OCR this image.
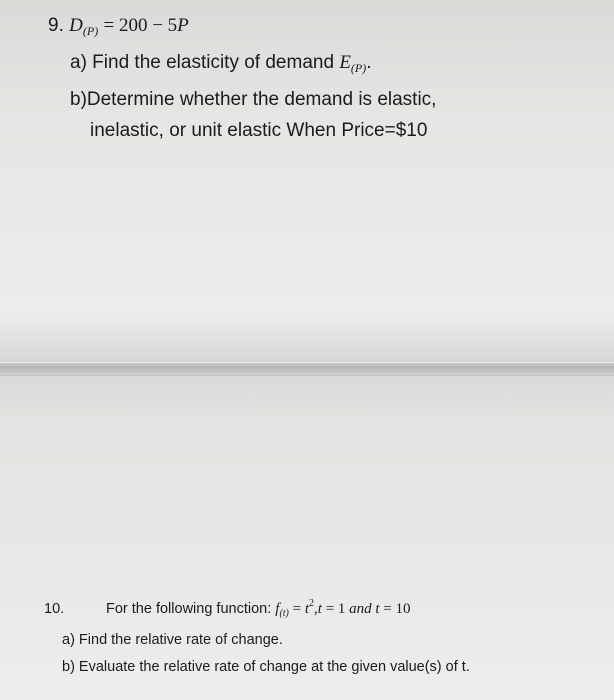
9. $D_{(P)} = 200 - 5P$
a) Find the elasticity of demand $E_{(P)}$.
b)Determine whether the demand is elastic,
inelastic, or unit elastic When Price=$10
10.	For the following function: $f_{(t)} = t^2,t = 1$ and t = 10
a) Find the relative rate of change.
b) Evaluate the relative rate of change at the given value(s) of t.
